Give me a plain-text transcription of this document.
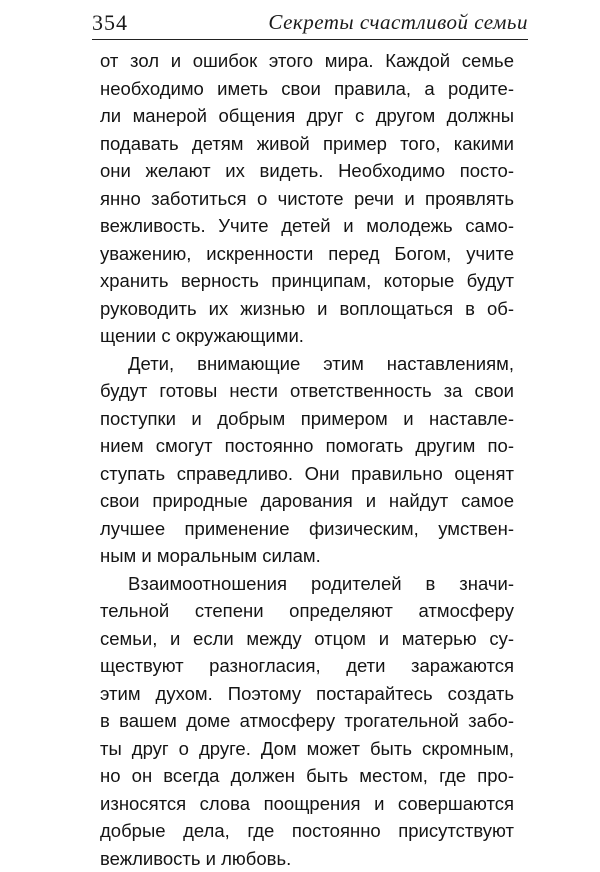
354	Секреты счастливой семьи
от зол и ошибок этого мира. Каждой семье
необходимо иметь свои правила, а родите-
ли манерой общения друг с другом должны
подавать детям живой пример того, какими
они желают их видеть. Необходимо посто-
янно заботиться о чистоте речи и проявлять
вежливость. Учите детей и молодежь само-
уважению, искренности перед Богом, учите
хранить верность принципам, которые будут
руководить их жизнью и воплощаться в об-
щении с окружающими.
Дети, внимающие этим наставлениям,
будут готовы нести ответственность за свои
поступки и добрым примером и наставле-
нием смогут постоянно помогать другим по-
ступать справедливо. Они правильно оценят
свои природные дарования и найдут самое
лучшее применение физическим, умствен-
ным и моральным силам.
Взаимоотношения родителей в значи-
тельной степени определяют атмосферу
семьи, и если между отцом и матерью су-
ществуют разногласия, дети заражаются
этим духом. Поэтому постарайтесь создать
в вашем доме атмосферу трогательной забо-
ты друг о друге. Дом может быть скромным,
но он всегда должен быть местом, где про-
износятся слова поощрения и совершаются
добрые дела, где постоянно присутствуют
вежливость и любовь.
